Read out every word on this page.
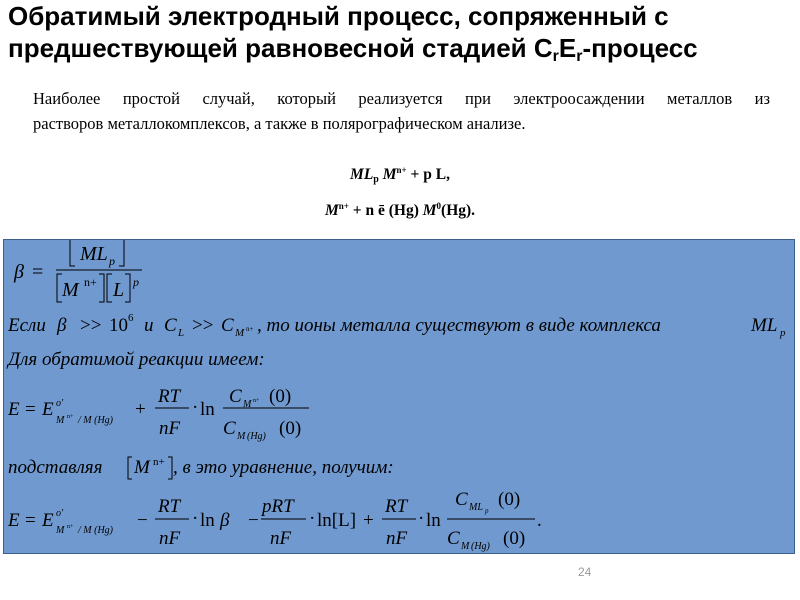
Обратимый электродный процесс, сопряженный с
предшествующей равновесной стадией $C_rE_r$-процесс
Наиболее простой случай, который реализуется при электроосаждении металлов из
растворов металлокомплексов, а также в полярографическом анализе.
$ML_p$ $M^{n+} + p$ L,
$M^{n+} + n$ ē (Hg) $M^0(Hg)$.
β =
ML p
M n+ L p
Если β >> 10 6 и C L >> C M n+ , то ионы металла существуют в виде комплекса	ML p
Для обратимой реакции имеем:
E = E o'
M n+ / M (Hg)
+
RT
nF
· ln
C M n+ (0)
C M (Hg) (0)
подставляя M n+ , в это уравнение, получим:
E = E o'
M n+ / M (Hg) −
RT
nF
· ln β −
pRT
nF
· ln[L] +
RT
nF
· ln
C ML p
(0)
C M (Hg) (0)
.
24
